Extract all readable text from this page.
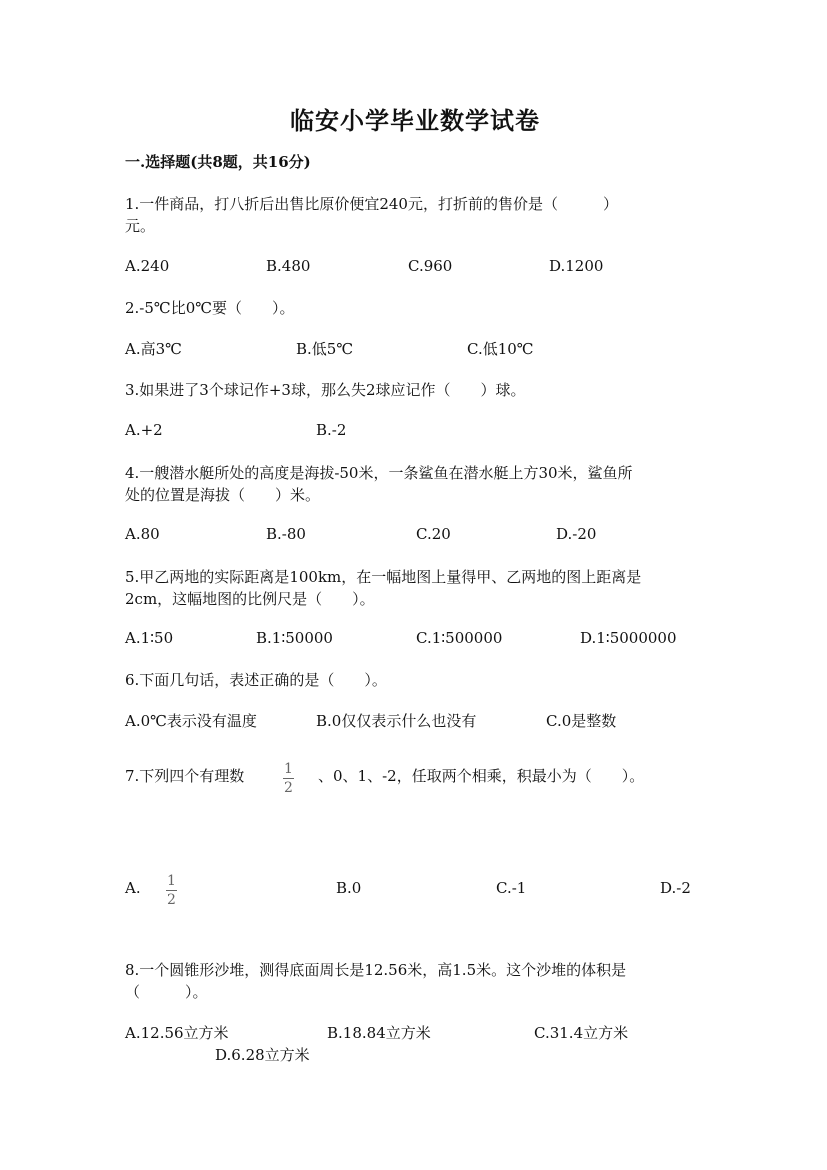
临安小学毕业数学试卷
一.选择题(共8题，共16分)
1.一件商品，打八折后出售比原价便宜240元，打折前的售价是（　　　）
元。
A.240	B.480	C.960	D.1200
2.-5℃比0℃要（　　）。
A.高3℃	B.低5℃	C.低10℃
3.如果进了3个球记作+3球，那么失2球应记作（　　）球。
A.+2	B.-2
4.一艘潜水艇所处的高度是海拔-50米，一条鲨鱼在潜水艇上方30米，鲨鱼所
处的位置是海拔（　　）米。
A.80	B.-80	C.20	D.-20
5.甲乙两地的实际距离是100km，在一幅地图上量得甲、乙两地的图上距离是
2cm，这幅地图的比例尺是（　　）。
A.1∶50	B.1∶50000	C.1∶500000	D.1∶5000000
6.下面几句话，表述正确的是（　　）。
A.0℃表示没有温度	B.0仅仅表示什么也没有	C.0是整数
7.下列四个有理数	1
2
、0、1、-2，任取两个相乘，积最小为（　　）。
A. 1
2
B.0	C.-1	D.-2
8.一个圆锥形沙堆，测得底面周长是12.56米，高1.5米。这个沙堆的体积是
（　　　）。
A.12.56立方米	B.18.84立方米	C.31.4立方米
D.6.28立方米
